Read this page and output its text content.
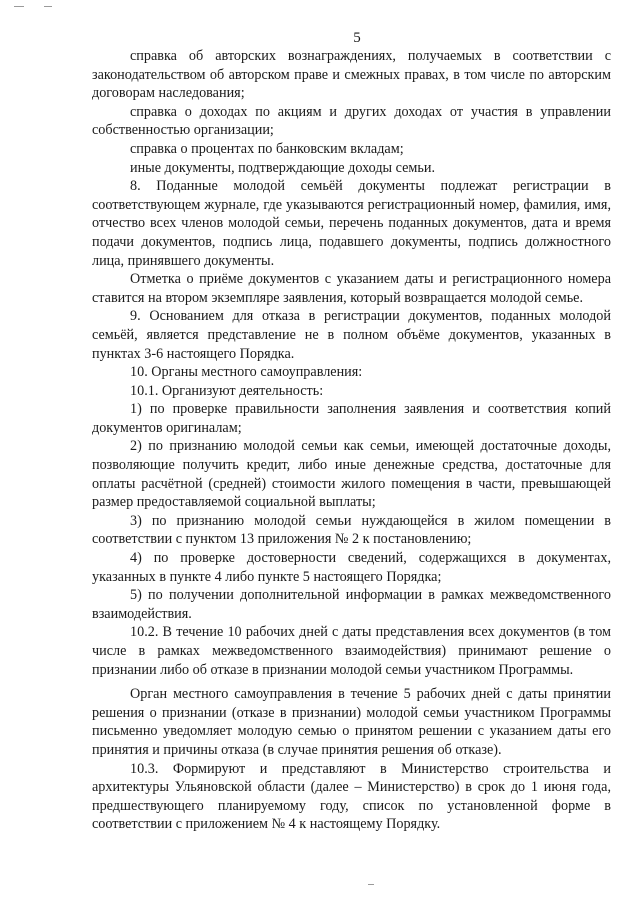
5

справка об авторских вознаграждениях, получаемых в соответствии с законодательством об авторском праве и смежных правах, в том числе по авторским договорам наследования;

справка о доходах по акциям и других доходах от участия в управлении собственностью организации;

справка о процентах по банковским вкладам;

иные документы, подтверждающие доходы семьи.

8. Поданные молодой семьёй документы подлежат регистрации в соответствующем журнале, где указываются регистрационный номер, фамилия, имя, отчество всех членов молодой семьи, перечень поданных документов, дата и время подачи документов, подпись лица, подавшего документы, подпись должностного лица, принявшего документы.

Отметка о приёме документов с указанием даты и регистрационного номера ставится на втором экземпляре заявления, который возвращается молодой семье.

9. Основанием для отказа в регистрации документов, поданных молодой семьёй, является представление не в полном объёме документов, указанных в пунктах 3-6 настоящего Порядка.

10. Органы местного самоуправления:

10.1. Организуют деятельность:

1) по проверке правильности заполнения заявления и соответствия копий документов оригиналам;

2) по признанию молодой семьи как семьи, имеющей достаточные доходы, позволяющие получить кредит, либо иные денежные средства, достаточные для оплаты расчётной (средней) стоимости жилого помещения в части, превышающей размер предоставляемой социальной выплаты;

3) по признанию молодой семьи нуждающейся в жилом помещении в соответствии с пунктом 13 приложения № 2 к постановлению;

4) по проверке достоверности сведений, содержащихся в документах, указанных в пункте 4 либо пункте 5 настоящего Порядка;

5) по получении дополнительной информации в рамках межведомственного взаимодействия.

10.2. В течение 10 рабочих дней с даты представления всех документов (в том числе в рамках межведомственного взаимодействия) принимают решение о признании либо об отказе в признании молодой семьи участником Программы.

Орган местного самоуправления в течение 5 рабочих дней с даты принятии решения о признании (отказе в признании) молодой семьи участником Программы письменно уведомляет молодую семью о принятом решении с указанием даты его принятия и причины отказа (в случае принятия решения об отказе).

10.3. Формируют и представляют в Министерство строительства и архитектуры Ульяновской области (далее – Министерство) в срок до 1 июня года, предшествующего планируемому году, список по установленной форме в соответствии с приложением № 4 к настоящему Порядку.
